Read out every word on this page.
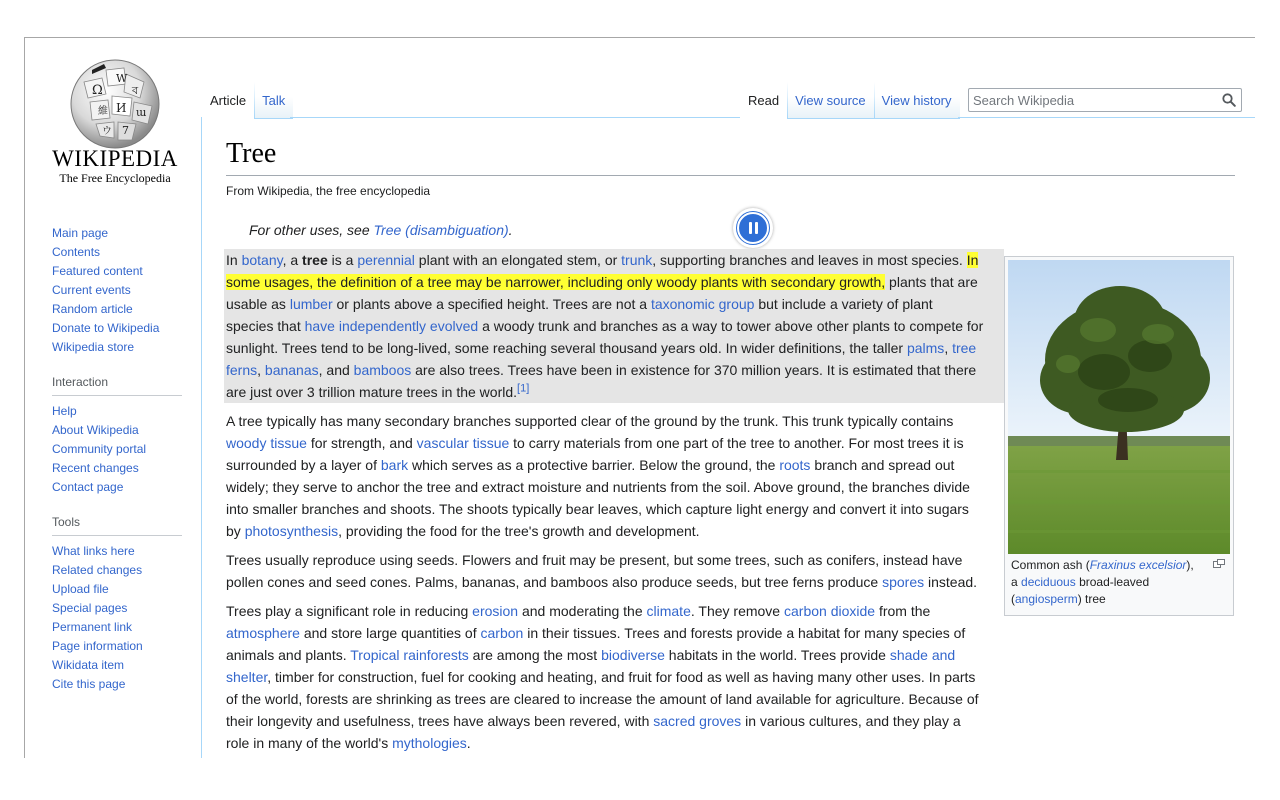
Ω
W
ব
維 И ɯ
ウ 7
WIKIPEDIA
The Free Encyclopedia
Main page
Contents
Featured content
Current events
Random article
Donate to Wikipedia
Wikipedia store
Interaction
Help
About Wikipedia
Community portal
Recent changes
Contact page
Tools
What links here
Related changes
Upload file
Special pages
Permanent link
Page information
Wikidata item
Cite this page
Article	Talk	Read	View source	View history
Search Wikipedia
Tree
From Wikipedia, the free encyclopedia
For other uses, see Tree (disambiguation).

In botany, a tree is a perennial plant with an elongated stem, or trunk, supporting branches and leaves in most species. In some usages, the definition of a tree may be narrower, including only woody plants with secondary growth, plants that are usable as lumber or plants above a specified height. Trees are not a taxonomic group but include a variety of plant species that have independently evolved a woody trunk and branches as a way to tower above other plants to compete for sunlight. Trees tend to be long-lived, some reaching several thousand years old. In wider definitions, the taller palms, tree ferns, bananas, and bamboos are also trees. Trees have been in existence for 370 million years. It is estimated that there are just over 3 trillion mature trees in the world.[1]

A tree typically has many secondary branches supported clear of the ground by the trunk. This trunk typically contains woody tissue for strength, and vascular tissue to carry materials from one part of the tree to another. For most trees it is surrounded by a layer of bark which serves as a protective barrier. Below the ground, the roots branch and spread out widely; they serve to anchor the tree and extract moisture and nutrients from the soil. Above ground, the branches divide into smaller branches and shoots. The shoots typically bear leaves, which capture light energy and convert it into sugars by photosynthesis, providing the food for the tree's growth and development.

Trees usually reproduce using seeds. Flowers and fruit may be present, but some trees, such as conifers, instead have pollen cones and seed cones. Palms, bananas, and bamboos also produce seeds, but tree ferns produce spores instead.

Trees play a significant role in reducing erosion and moderating the climate. They remove carbon dioxide from the atmosphere and store large quantities of carbon in their tissues. Trees and forests provide a habitat for many species of animals and plants. Tropical rainforests are among the most biodiverse habitats in the world. Trees provide shade and shelter, timber for construction, fuel for cooking and heating, and fruit for food as well as having many other uses. In parts of the world, forests are shrinking as trees are cleared to increase the amount of land available for agriculture. Because of their longevity and usefulness, trees have always been revered, with sacred groves in various cultures, and they play a role in many of the world's mythologies.

Common ash (Fraxinus excelsior), a deciduous broad-leaved (angiosperm) tree
